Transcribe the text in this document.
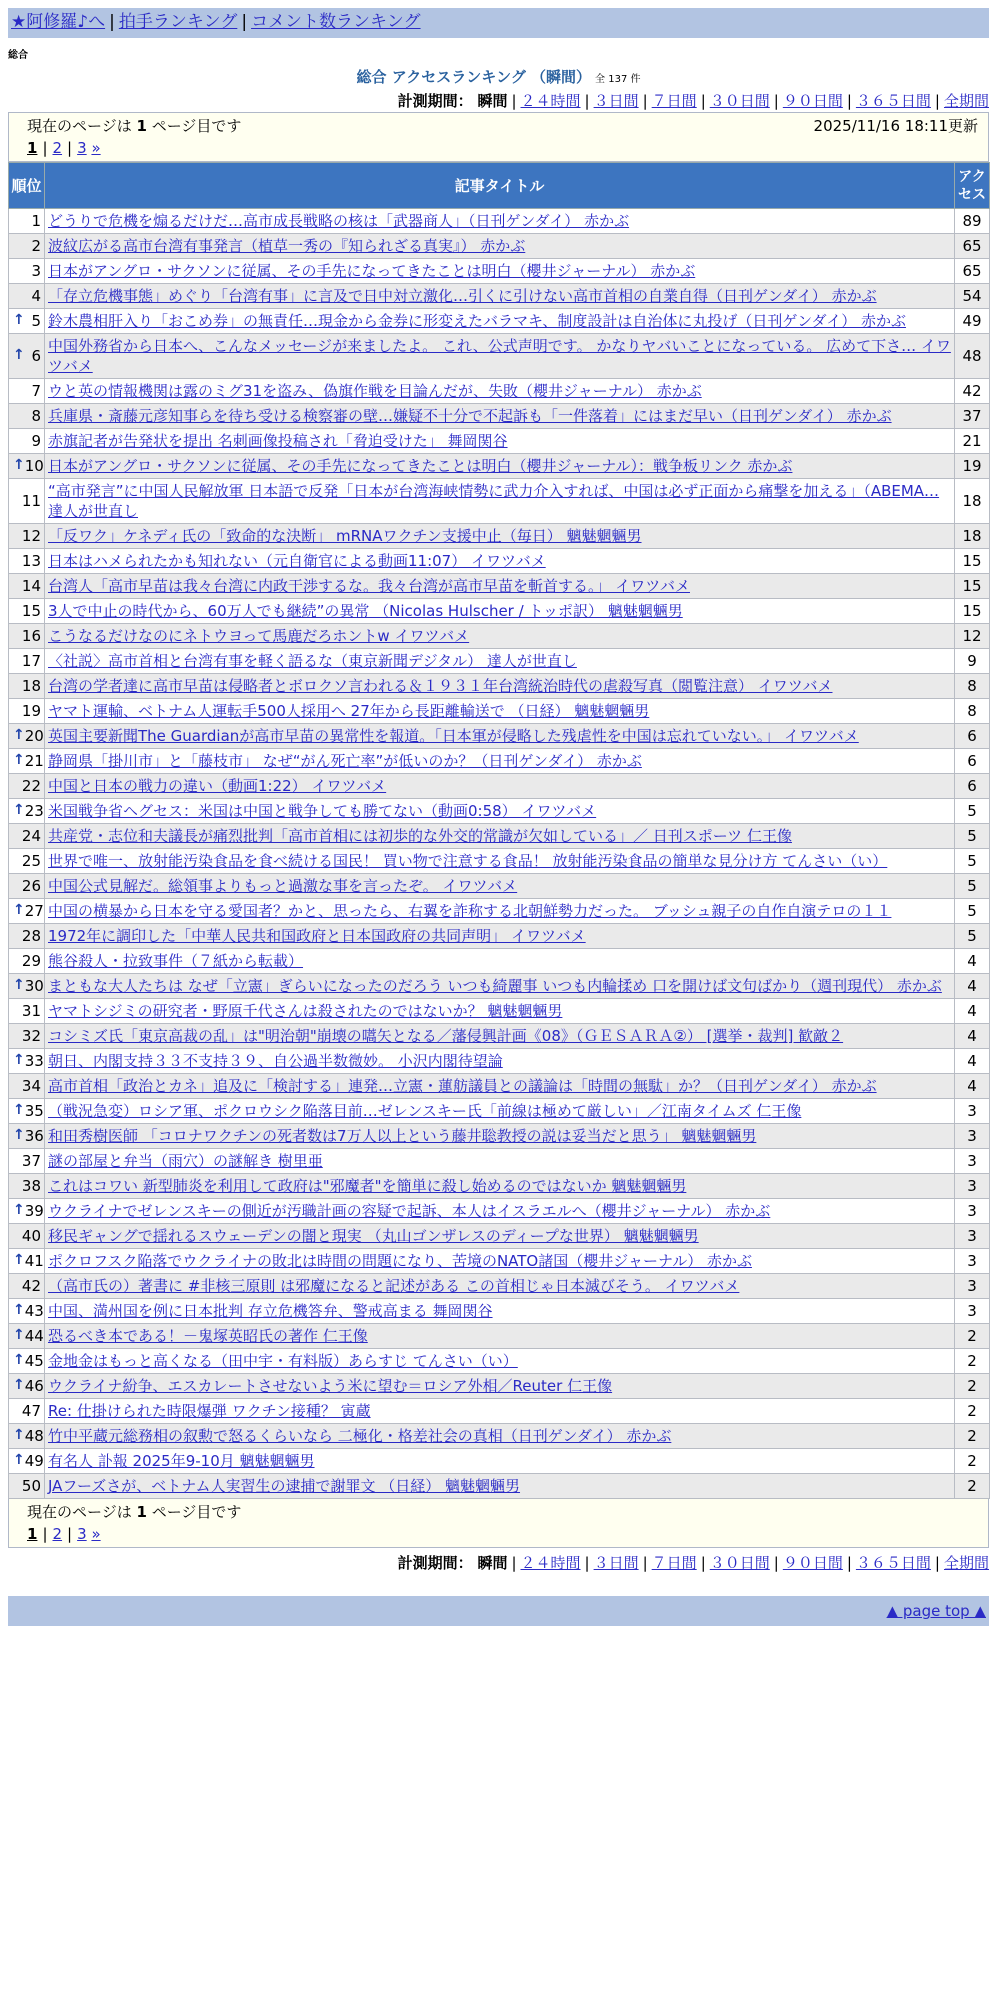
★阿修羅♪へ | 拍手ランキング | コメント数ランキング
総合
総合 アクセスランキング （瞬間） 全 137 件
計測期間： 瞬間 | ２４時間 | ３日間 | ７日間 | ３０日間 | ９０日間 | ３６５日間 | 全期間
現在のページは 1 ページ目です	2025/11/16 18:11更新
1 | 2 | 3 »
順位	記事タイトル	アクセス
1	どうりで危機を煽るだけだ…高市成長戦略の核は「武器商人」（日刊ゲンダイ） 赤かぶ	89
2	波紋広がる高市台湾有事発言（植草一秀の『知られざる真実』） 赤かぶ	65
3	日本がアングロ・サクソンに従属、その手先になってきたことは明白（櫻井ジャーナル） 赤かぶ	65
4	「存立危機事態」めぐり「台湾有事」に言及で日中対立激化…引くに引けない高市首相の自業自得（日刊ゲンダイ） 赤かぶ	54

↑ 5	鈴木農相肝入り「おこめ券」の無責任…現金から金券に形変えたバラマキ、制度設計は自治体に丸投げ（日刊ゲンダイ） 赤かぶ	49

↑ 6	中国外務省から日本へ、こんなメッセージが来ましたよ。 これ、公式声明です。 かなりヤバいことになっている。 広めて下さ… イワツバメ	48
7	ウと英の情報機関は露のミグ31を盗み、偽旗作戦を目論んだが、失敗（櫻井ジャーナル） 赤かぶ	42
8	兵庫県・斎藤元彦知事らを待ち受ける検察審の壁…嫌疑不十分で不起訴も「一件落着」にはまだ早い（日刊ゲンダイ） 赤かぶ	37
9	赤旗記者が告発状を提出 名刺画像投稿され「脅迫受けた」 舞岡関谷	21

↑ 10	日本がアングロ・サクソンに従属、その手先になってきたことは明白（櫻井ジャーナル）：戦争板リンク 赤かぶ	19
11	“高市発言”に中国人民解放軍 日本語で反発「日本が台湾海峡情勢に武力介入すれば、中国は必ず正面から痛撃を加える」（ABEMA… 達人が世直し	18
12	「反ワク」ケネディ氏の「致命的な決断」 mRNAワクチン支援中止（毎日） 魑魅魍魎男	18
13	日本はハメられたかも知れない（元自衛官による動画11:07） イワツバメ	15
14	台湾人「高市早苗は我々台湾に内政干渉するな。我々台湾が高市早苗を斬首する。」 イワツバメ	15
15	3人で中止の時代から、60万人でも継続”の異常 （Nicolas Hulscher / トッポ訳） 魑魅魍魎男	15
16	こうなるだけなのにネトウヨって馬鹿だろホントw イワツバメ	12
17	〈社説〉高市首相と台湾有事を軽く語るな（東京新聞デジタル） 達人が世直し	9
18	台湾の学者達に高市早苗は侵略者とボロクソ言われる＆１９３１年台湾統治時代の虐殺写真（閲覧注意） イワツバメ	8
19	ヤマト運輸、ベトナム人運転手500人採用へ 27年から長距離輸送で （日経） 魑魅魍魎男	8

↑ 20	英国主要新聞The Guardianが高市早苗の異常性を報道。「日本軍が侵略した残虐性を中国は忘れていない。」 イワツバメ	6

↑ 21	静岡県「掛川市」と「藤枝市」 なぜ“がん死亡率”が低いのか？（日刊ゲンダイ） 赤かぶ	6
22	中国と日本の戦力の違い（動画1:22） イワツバメ	6

↑ 23	米国戦争省ヘグセス：米国は中国と戦争しても勝てない（動画0:58） イワツバメ	5
24	共産党・志位和夫議長が痛烈批判「高市首相には初歩的な外交的常識が欠如している」／ 日刊スポーツ 仁王像	5
25	世界で唯一、放射能汚染食品を食べ続ける国民！ 買い物で注意する食品！ 放射能汚染食品の簡単な見分け方 てんさい（い）	5
26	中国公式見解だ。総領事よりもっと過激な事を言ったぞ。 イワツバメ	5

↑ 27	中国の横暴から日本を守る愛国者？かと、思ったら、右翼を詐称する北朝鮮勢力だった。 ブッシュ親子の自作自演テロの１１	5
28	1972年に調印した「中華人民共和国政府と日本国政府の共同声明」 イワツバメ	5
29	熊谷殺人・拉致事件（７紙から転載）	4

↑ 30	まともな大人たちは なぜ「立憲」ぎらいになったのだろう いつも綺麗事 いつも内輪揉め 口を開けば文句ばかり（週刊現代） 赤かぶ	4
31	ヤマトシジミの研究者・野原千代さんは殺されたのではないか？ 魑魅魍魎男	4
32	コシミズ氏「東京高裁の乱」は"明治朝"崩壊の嚆矢となる／藩侵興計画《08》（ＧＥＳＡＲＡ②） [選挙・裁判] 歓敵２	4

↑ 33	朝日、内閣支持３３不支持３９、自公過半数微妙。 小沢内閣待望論	4
34	高市首相「政治とカネ」追及に「検討する」連発…立憲・蓮舫議員との議論は「時間の無駄」か？（日刊ゲンダイ） 赤かぶ	4

↑ 35	（戦況急変）ロシア軍、ポクロウシク陥落目前…ゼレンスキー氏「前線は極めて厳しい」／江南タイムズ 仁王像	3

↑ 36	和田秀樹医師 「コロナワクチンの死者数は7万人以上という藤井聡教授の説は妥当だと思う」 魑魅魍魎男	3
37	謎の部屋と弁当（雨穴）の謎解き 樹里亜	3
38	これはコワい 新型肺炎を利用して政府は"邪魔者"を簡単に殺し始めるのではないか 魑魅魍魎男	3

↑ 39	ウクライナでゼレンスキーの側近が汚職計画の容疑で起訴、本人はイスラエルへ（櫻井ジャーナル） 赤かぶ	3
40	移民ギャングで揺れるスウェーデンの闇と現実 （丸山ゴンザレスのディープな世界） 魑魅魍魎男	3

↑ 41	ポクロフスク陥落でウクライナの敗北は時間の問題になり、苦境のNATO諸国（櫻井ジャーナル） 赤かぶ	3
42	（高市氏の）著書に #非核三原則 は邪魔になると記述がある この首相じゃ日本滅びそう。 イワツバメ	3

↑ 43	中国、満州国を例に日本批判 存立危機答弁、警戒高まる 舞岡関谷	3

↑ 44	恐るべき本である！－鬼塚英昭氏の著作 仁王像	2

↑ 45	金地金はもっと高くなる（田中宇・有料版）あらすじ てんさい（い）	2

↑ 46	ウクライナ紛争、エスカレートさせないよう米に望む＝ロシア外相／Reuter 仁王像	2
47	Re: 仕掛けられた時限爆弾 ワクチン接種？ 寅蔵	2

↑ 48	竹中平蔵元総務相の叙勲で怒るくらいなら 二極化・格差社会の真相（日刊ゲンダイ） 赤かぶ	2

↑ 49	有名人 訃報 2025年9-10月 魑魅魍魎男	2
50	JAフーズさが、ベトナム人実習生の逮捕で謝罪文 （日経） 魑魅魍魎男	2
現在のページは 1 ページ目です
1 | 2 | 3 »
計測期間： 瞬間 | ２４時間 | ３日間 | ７日間 | ３０日間 | ９０日間 | ３６５日間 | 全期間
▲ page top ▲
